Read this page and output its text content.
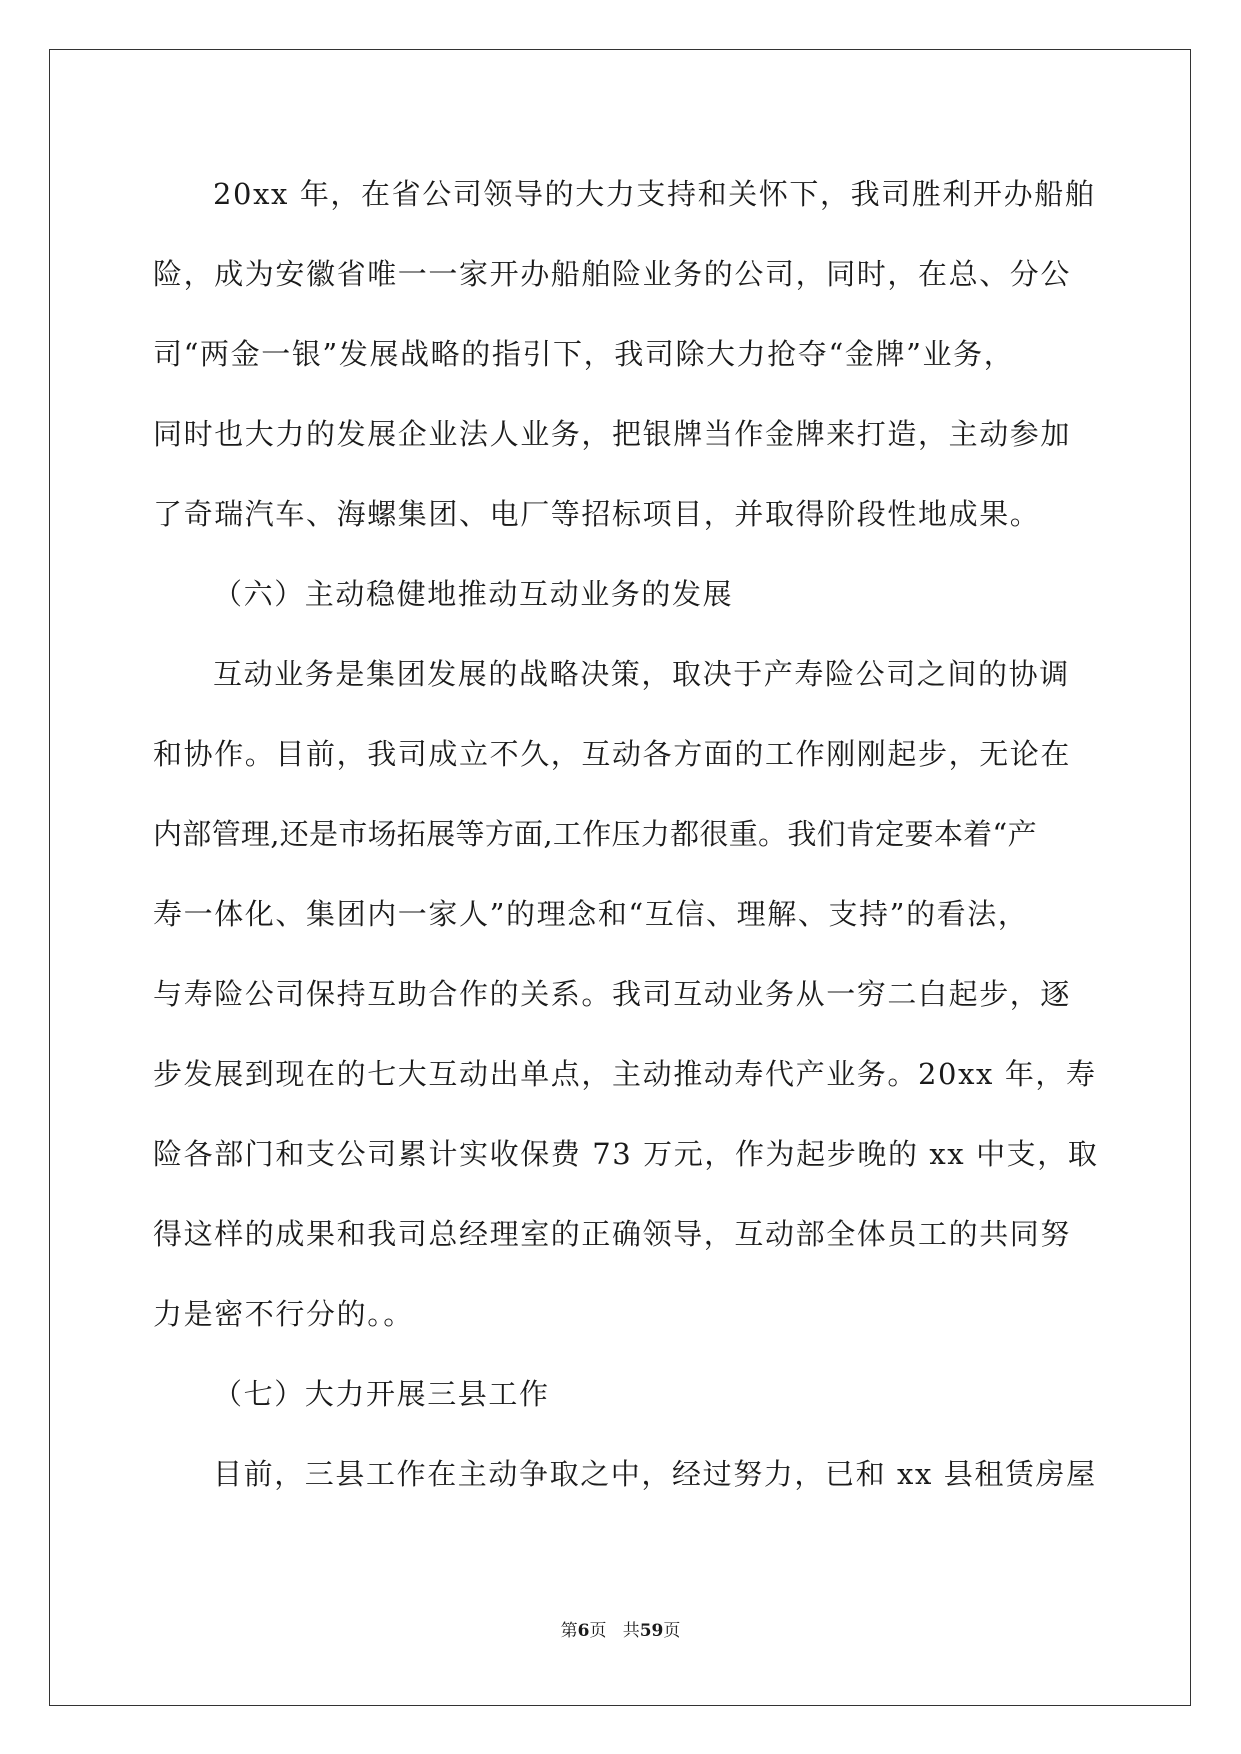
20xx 年，在省公司领导的大力支持和关怀下，我司胜利开办船舶
险，成为安徽省唯一一家开办船舶险业务的公司，同时，在总、分公
司“两金一银”发展战略的指引下，我司除大力抢夺“金牌”业务，
同时也大力的发展企业法人业务，把银牌当作金牌来打造，主动参加
了奇瑞汽车、海螺集团、电厂等招标项目，并取得阶段性地成果。
（六）主动稳健地推动互动业务的发展
互动业务是集团发展的战略决策，取决于产寿险公司之间的协调
和协作。目前，我司成立不久，互动各方面的工作刚刚起步，无论在
内部管理,还是市场拓展等方面,工作压力都很重。我们肯定要本着“产
寿一体化、集团内一家人”的理念和“互信、理解、支持”的看法，
与寿险公司保持互助合作的关系。我司互动业务从一穷二白起步，逐
步发展到现在的七大互动出单点，主动推动寿代产业务。20xx 年，寿
险各部门和支公司累计实收保费 73 万元，作为起步晚的 xx 中支，取
得这样的成果和我司总经理室的正确领导，互动部全体员工的共同努
力是密不行分的。。
（七）大力开展三县工作
目前，三县工作在主动争取之中，经过努力，已和 xx 县租赁房屋
第6页 共59页
